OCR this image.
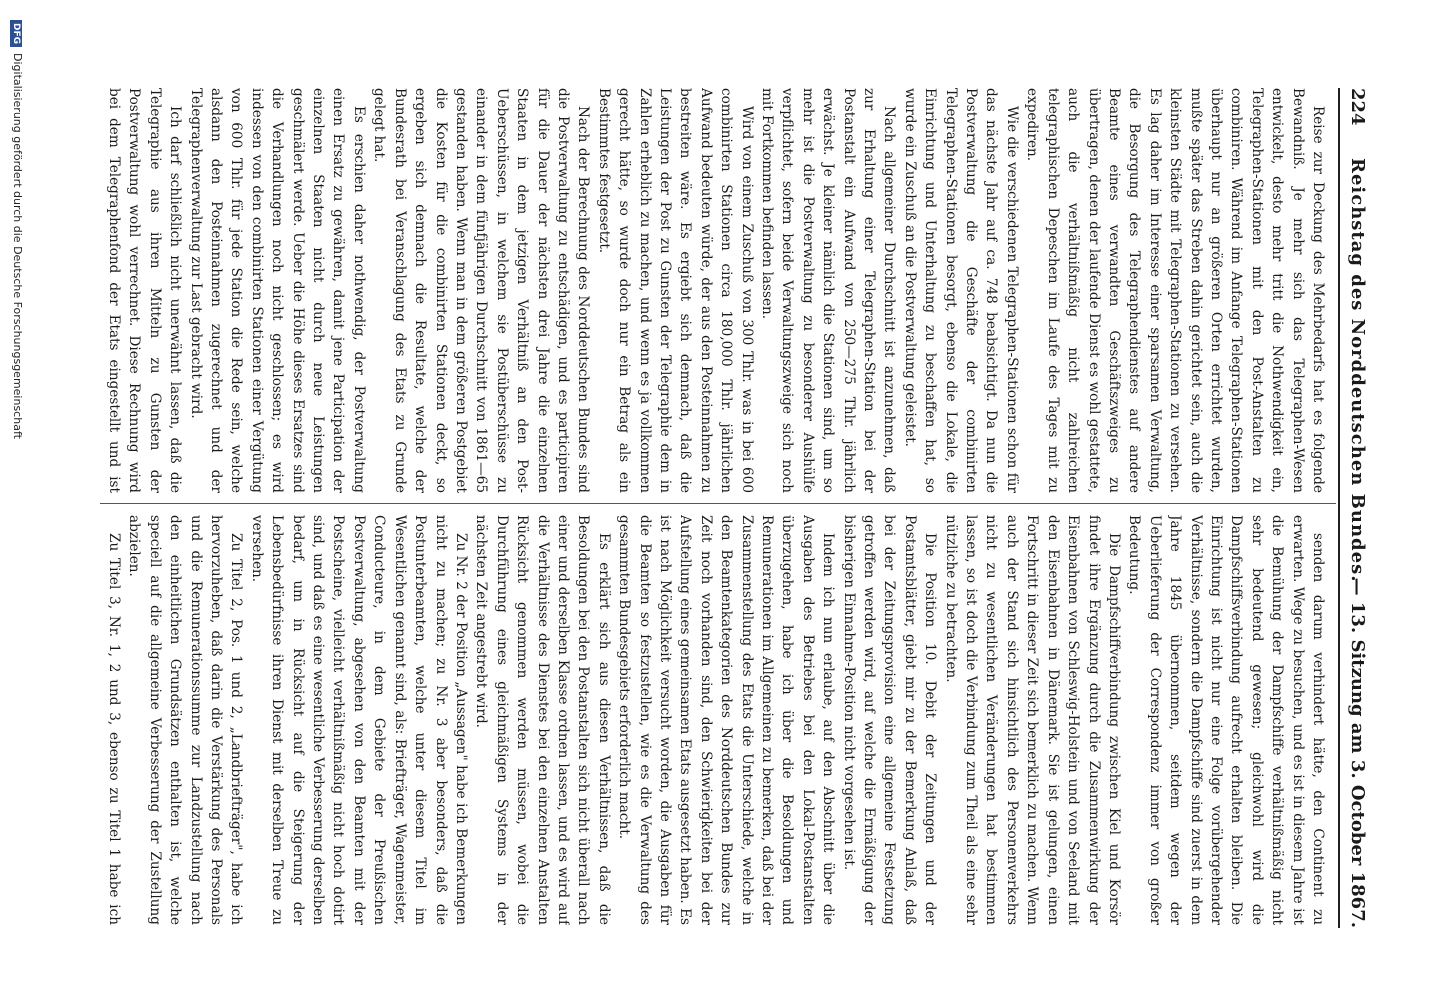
224
Reichstag des Norddeutschen Bundes.
— 13. Sitzung am 3. October 1867.

Reise zur Deckung des Mehrbedarfs hat es folgende Bewandniß. Je mehr sich das Telegraphen-Wesen entwickelt, desto mehr tritt die Nothwendigkeit ein, Telegraphen-Stationen mit den Post-Anstalten zu combiniren. Während im Anfange Telegraphen-Stationen überhaupt nur an größeren Orten errichtet wurden, mußte später das Streben dahin gerichtet sein, auch die kleinsten Städte mit Telegraphen-Stationen zu versehen. Es lag daher im Interesse einer sparsamen Verwaltung, die Besorgung des Telegraphendienstes auf andere Beamte eines verwandten Geschäftszweiges zu übertragen, denen der laufende Dienst es wohl gestattete, auch die verhältnißmäßig nicht zahlreichen telegraphischen Depeschen im Laufe des Tages mit zu expediren.

Wie die verschiedenen Telegraphen-Stationen schon für das nächste Jahr auf ca. 748 beabsichtigt. Da nun die Postverwaltung die Geschäfte der combinirten Telegraphen-Stationen besorgt, ebenso die Lokale, die Einrichtung und Unterhaltung zu beschaffen hat, so wurde ein Zuschuß an die Postverwaltung geleistet.

Nach allgemeiner Durchschnitt ist anzunehmen, daß zur Erhaltung einer Telegraphen-Station bei der Postanstalt ein Aufwand von 250—275 Thlr. jährlich erwächst. Je kleiner nämlich die Stationen sind, um so mehr ist die Postverwaltung zu besonderer Aushülfe verpflichtet, sofern beide Verwaltungszweige sich noch mit Fortkommen befinden lassen.

Wird von einem Zuschuß von 300 Thlr. was in bei 600 combinirten Stationen circa 180,000 Thlr. jährlichen Aufwand bedeuten würde, der aus den Posteinnahmen zu bestreiten wäre. Es ergiebt sich demnach, daß die Leistungen der Post zu Gunsten der Telegraphie dem in Zahlen erheblich zu machen, und wenn es ja vollkommen gerecht hätte, so wurde doch nur ein Betrag als ein Bestimmtes festgesetzt.

Nach der Berechnung des Norddeutschen Bundes sind die Postverwaltung zu entschädigen, und es participiren für die Dauer der nächsten drei Jahre die einzelnen Staaten in dem jetzigen Verhältniß an den Post-Ueberschüssen, in welchem sie Postüberschüsse zu einander in dem fünfjährigen Durchschnitt von 1861—65 gestanden haben. Wenn man in dem größeren Postgebiet die Kosten für die combinirten Stationen deckt, so ergeben sich demnach die Resultate, welche der Bundesrath bei Veranschlagung des Etats zu Grunde gelegt hat.

Es erschien daher nothwendig, der Postverwaltung einen Ersatz zu gewähren, damit jene Participation der einzelnen Staaten nicht durch neue Leistungen geschmälert werde. Ueber die Höhe dieses Ersatzes sind die Verhandlungen noch nicht geschlossen; es wird indessen von den combinirten Stationen einer Vergütung von 600 Thlr. für jede Station die Rede sein, welche alsdann den Posteinnahmen zugerechnet und der Telegraphenverwaltung zur Last gebracht wird.

Ich darf schließlich nicht unerwähnt lassen, daß die Telegraphie aus ihren Mitteln zu Gunsten der Postverwaltung wohl verrechnet. Diese Rechnung wird bei dem Telegraphenfond der Etats eingestellt und ist

senden darum verhindert hätte, den Continent zu erwarten. Wege zu besuchen, und es ist in diesem Jahre ist die Bemühung der Dampfschiffe verhältnißmäßig nicht sehr bedeutend gewesen; gleichwohl wird die Dampfschiffsverbindung aufrecht erhalten bleiben. Die Einrichtung ist nicht nur eine Folge vorübergehender Verhältnisse, sondern die Dampfschiffe sind zuerst in dem Jahre 1845 übernommen, seitdem wegen der Ueberlieferung der Correspondenz immer von großer Bedeutung.

Die Dampfschiffverbindung zwischen Kiel und Korsör findet ihre Ergänzung durch die Zusammenwirkung der Eisenbahnen von Schleswig-Holstein und von Seeland mit den Eisenbahnen in Dänemark. Sie ist gelungen, einen Fortschritt in dieser Zeit sich bemerklich zu machen. Wenn auch der Stand sich hinsichtlich des Personenverkehrs nicht zu wesentlichen Veränderungen hat bestimmen lassen, so ist doch die Verbindung zum Theil als eine sehr nützliche zu betrachten.

Die Position 10. Debit der Zeitungen und der Postamtsblätter, giebt mir zu der Bemerkung Anlaß, daß bei der Zeitungsprovision eine allgemeine Festsetzung getroffen werden wird, auf welche die Ermäßigung der bisherigen Einnahme-Position nicht vorgesehen ist.

Indem ich nun erlaube, auf den Abschnitt über die Ausgaben des Betriebes bei den Lokal-Postanstalten überzugehen, habe ich über die Besoldungen und Remunerationen im Allgemeinen zu bemerken, daß bei der Zusammenstellung des Etats die Unterschiede, welche in den Beamtenkategorien des Norddeutschen Bundes zur Zeit noch vorhanden sind, den Schwierigkeiten bei der Aufstellung eines gemeinsamen Etats ausgesetzt haben. Es ist nach Möglichkeit versucht worden, die Ausgaben für die Beamten so festzustellen, wie es die Verwaltung des gesammten Bundesgebiets erforderlich macht.

Es erklärt sich aus diesen Verhältnissen, daß die Besoldungen bei den Postanstalten sich nicht überall nach einer und derselben Klasse ordnen lassen, und es wird auf die Verhältnisse des Dienstes bei den einzelnen Anstalten Rücksicht genommen werden müssen, wobei die Durchführung eines gleichmäßigen Systems in der nächsten Zeit angestrebt wird.

Zu Nr. 2 der Position „Aussagen" habe ich Bemerkungen nicht zu machen; zu Nr. 3 aber besonders, daß die Postunterbeamten, welche unter diesem Titel im Wesentlichen genannt sind, als: Briefträger, Wagenmeister, Conducteure, in dem Gebiete der Preußischen Postverwaltung, abgesehen von den Beamten mit der Postscheine, vielleicht verhältnißmäßig nicht hoch dotirt sind, und daß es eine wesentliche Verbesserung derselben bedarf, um in Rücksicht auf die Steigerung der Lebensbedürfnisse ihren Dienst mit derselben Treue zu versehen.

Zu Titel 2, Pos. 1 und 2, „Landbriefträger", habe ich hervorzuheben, daß darin die Verstärkung des Personals und die Remunerationssumme zur Landzustellung nach den einheitlichen Grundsätzen enthalten ist, welche speciell auf die allgemeine Verbesserung der Zustellung abzielen.

Zu Titel 3, Nr. 1, 2 und 3, ebenso zu Titel 1 habe ich

DFGDigitalisierung gefördert durch die Deutsche Forschungsgemeinschaft
